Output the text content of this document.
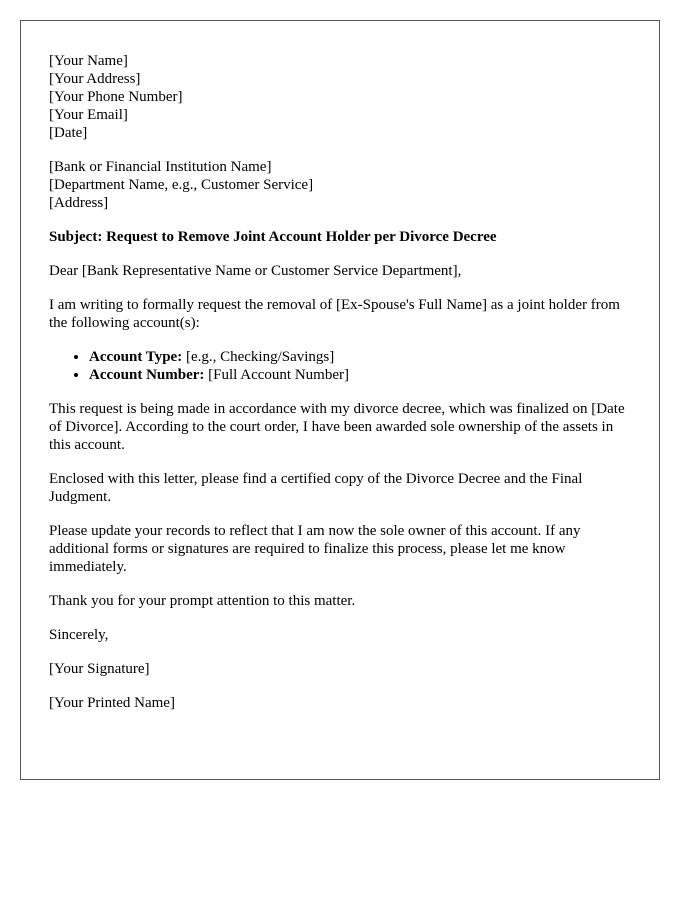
[Your Name]
[Your Address]
[Your Phone Number]
[Your Email]
[Date]
[Bank or Financial Institution Name]
[Department Name, e.g., Customer Service]
[Address]

Subject: Request to Remove Joint Account Holder per Divorce Decree

Dear [Bank Representative Name or Customer Service Department],

I am writing to formally request the removal of [Ex-Spouse's Full Name] as a joint holder from the following account(s):

• Account Type: [e.g., Checking/Savings]
• Account Number: [Full Account Number]

This request is being made in accordance with my divorce decree, which was finalized on [Date of Divorce]. According to the court order, I have been awarded sole ownership of the assets in this account.

Enclosed with this letter, please find a certified copy of the Divorce Decree and the Final Judgment.

Please update your records to reflect that I am now the sole owner of this account. If any additional forms or signatures are required to finalize this process, please let me know immediately.

Thank you for your prompt attention to this matter.

Sincerely,

[Your Signature]

[Your Printed Name]
